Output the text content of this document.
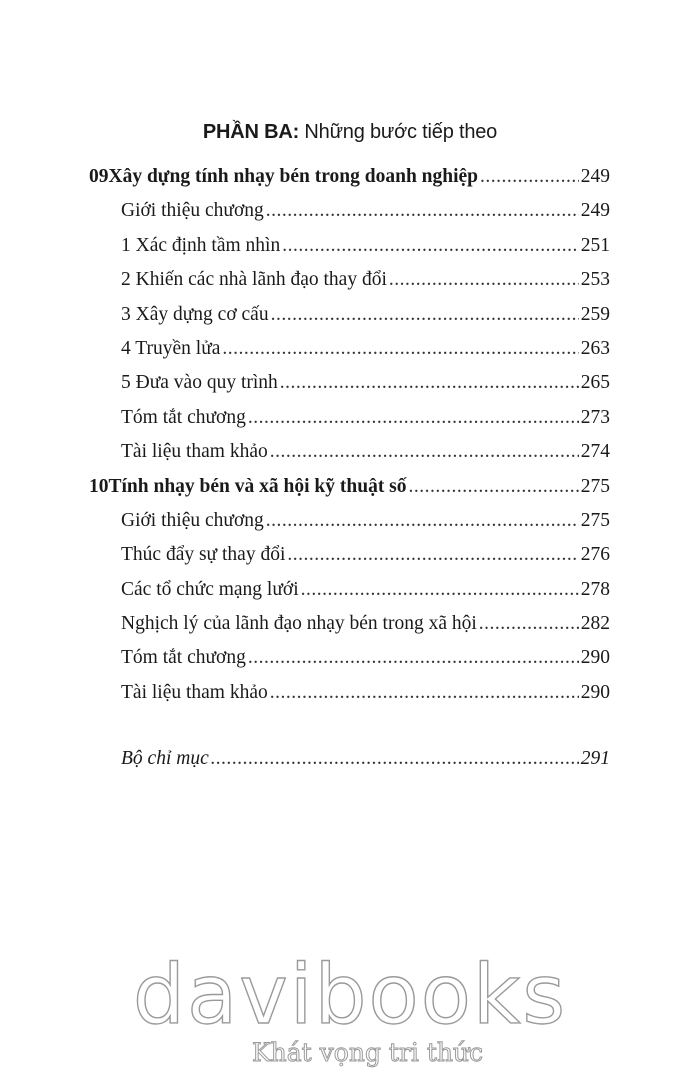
PHẦN BA: Những bước tiếp theo
09 Xây dựng tính nhạy bén trong doanh nghiệp .....	249
Giới thiệu chương .....	249
1 Xác định tầm nhìn .....	251
2 Khiến các nhà lãnh đạo thay đổi .....	253
3 Xây dựng cơ cấu .....	259
4 Truyền lửa .....	263
5 Đưa vào quy trình .....	265
Tóm tắt chương .....	273
Tài liệu tham khảo .....	274
10 Tính nhạy bén và xã hội kỹ thuật số .....	275
Giới thiệu chương .....	275
Thúc đẩy sự thay đổi .....	276
Các tổ chức mạng lưới .....	278
Nghịch lý của lãnh đạo nhạy bén trong xã hội .....	282
Tóm tắt chương .....	290
Tài liệu tham khảo .....	290
Bộ chỉ mục .....	291
davibooks
Khát vọng tri thức
